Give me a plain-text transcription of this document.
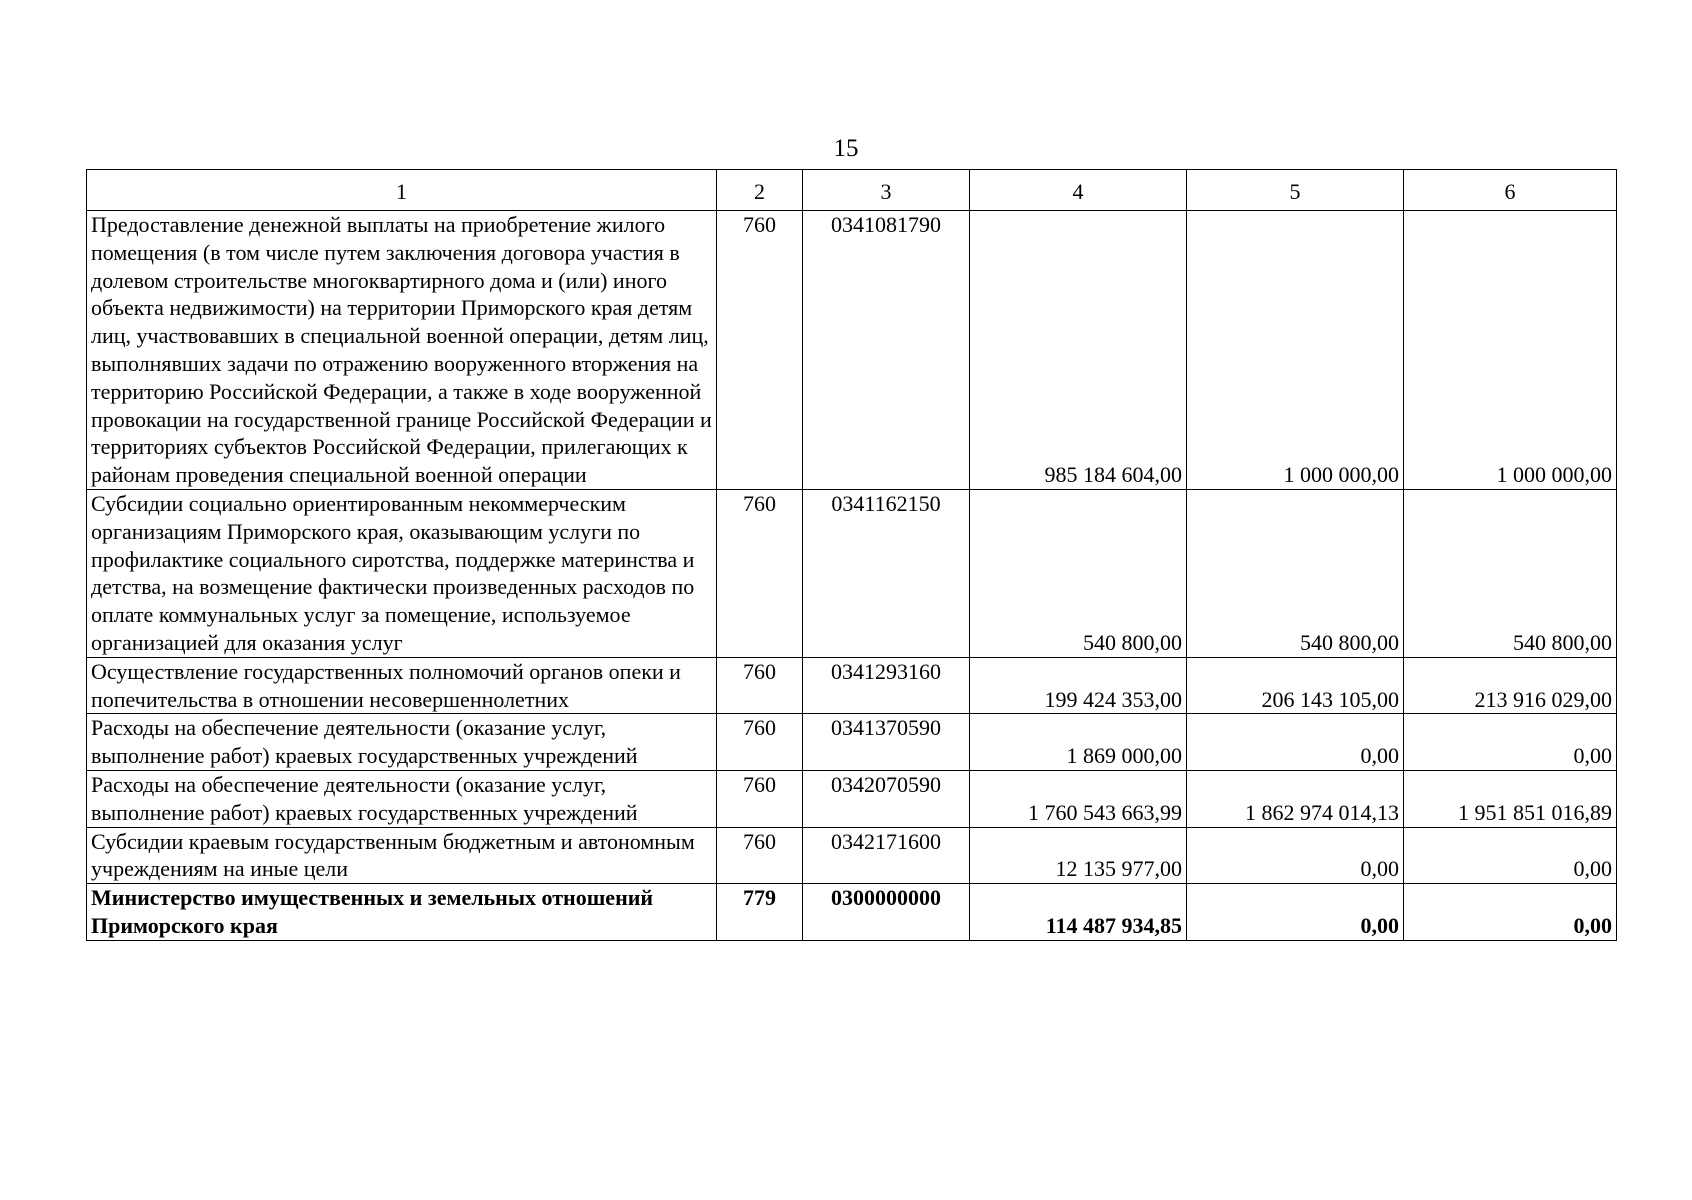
15
1	2	3	4	5	6
Предоставление денежной выплаты на приобретение жилого помещения (в том числе путем заключения договора участия в долевом строительстве многоквартирного дома и (или) иного объекта недвижимости) на территории Приморского края детям лиц, участвовавших в специальной военной операции, детям лиц, выполнявших задачи по отражению вооруженного вторжения на территорию Российской Федерации, а также в ходе вооруженной провокации на государственной границе Российской Федерации и территориях субъектов Российской Федерации, прилегающих к районам проведения специальной военной операции	760	0341081790	985 184 604,00	1 000 000,00	1 000 000,00
Субсидии социально ориентированным некоммерческим организациям Приморского края, оказывающим услуги по профилактике социального сиротства, поддержке материнства и детства, на возмещение фактически произведенных расходов по оплате коммунальных услуг за помещение, используемое организацией для оказания услуг	760	0341162150	540 800,00	540 800,00	540 800,00
Осуществление государственных полномочий органов опеки и попечительства в отношении несовершеннолетних	760	0341293160	199 424 353,00	206 143 105,00	213 916 029,00
Расходы на обеспечение деятельности (оказание услуг, выполнение работ) краевых государственных учреждений	760	0341370590	1 869 000,00	0,00	0,00
Расходы на обеспечение деятельности (оказание услуг, выполнение работ) краевых государственных учреждений	760	0342070590	1 760 543 663,99	1 862 974 014,13	1 951 851 016,89
Субсидии краевым государственным бюджетным и автономным учреждениям на иные цели	760	0342171600	12 135 977,00	0,00	0,00
Министерство имущественных и земельных отношений Приморского края	779	0300000000	114 487 934,85	0,00	0,00
